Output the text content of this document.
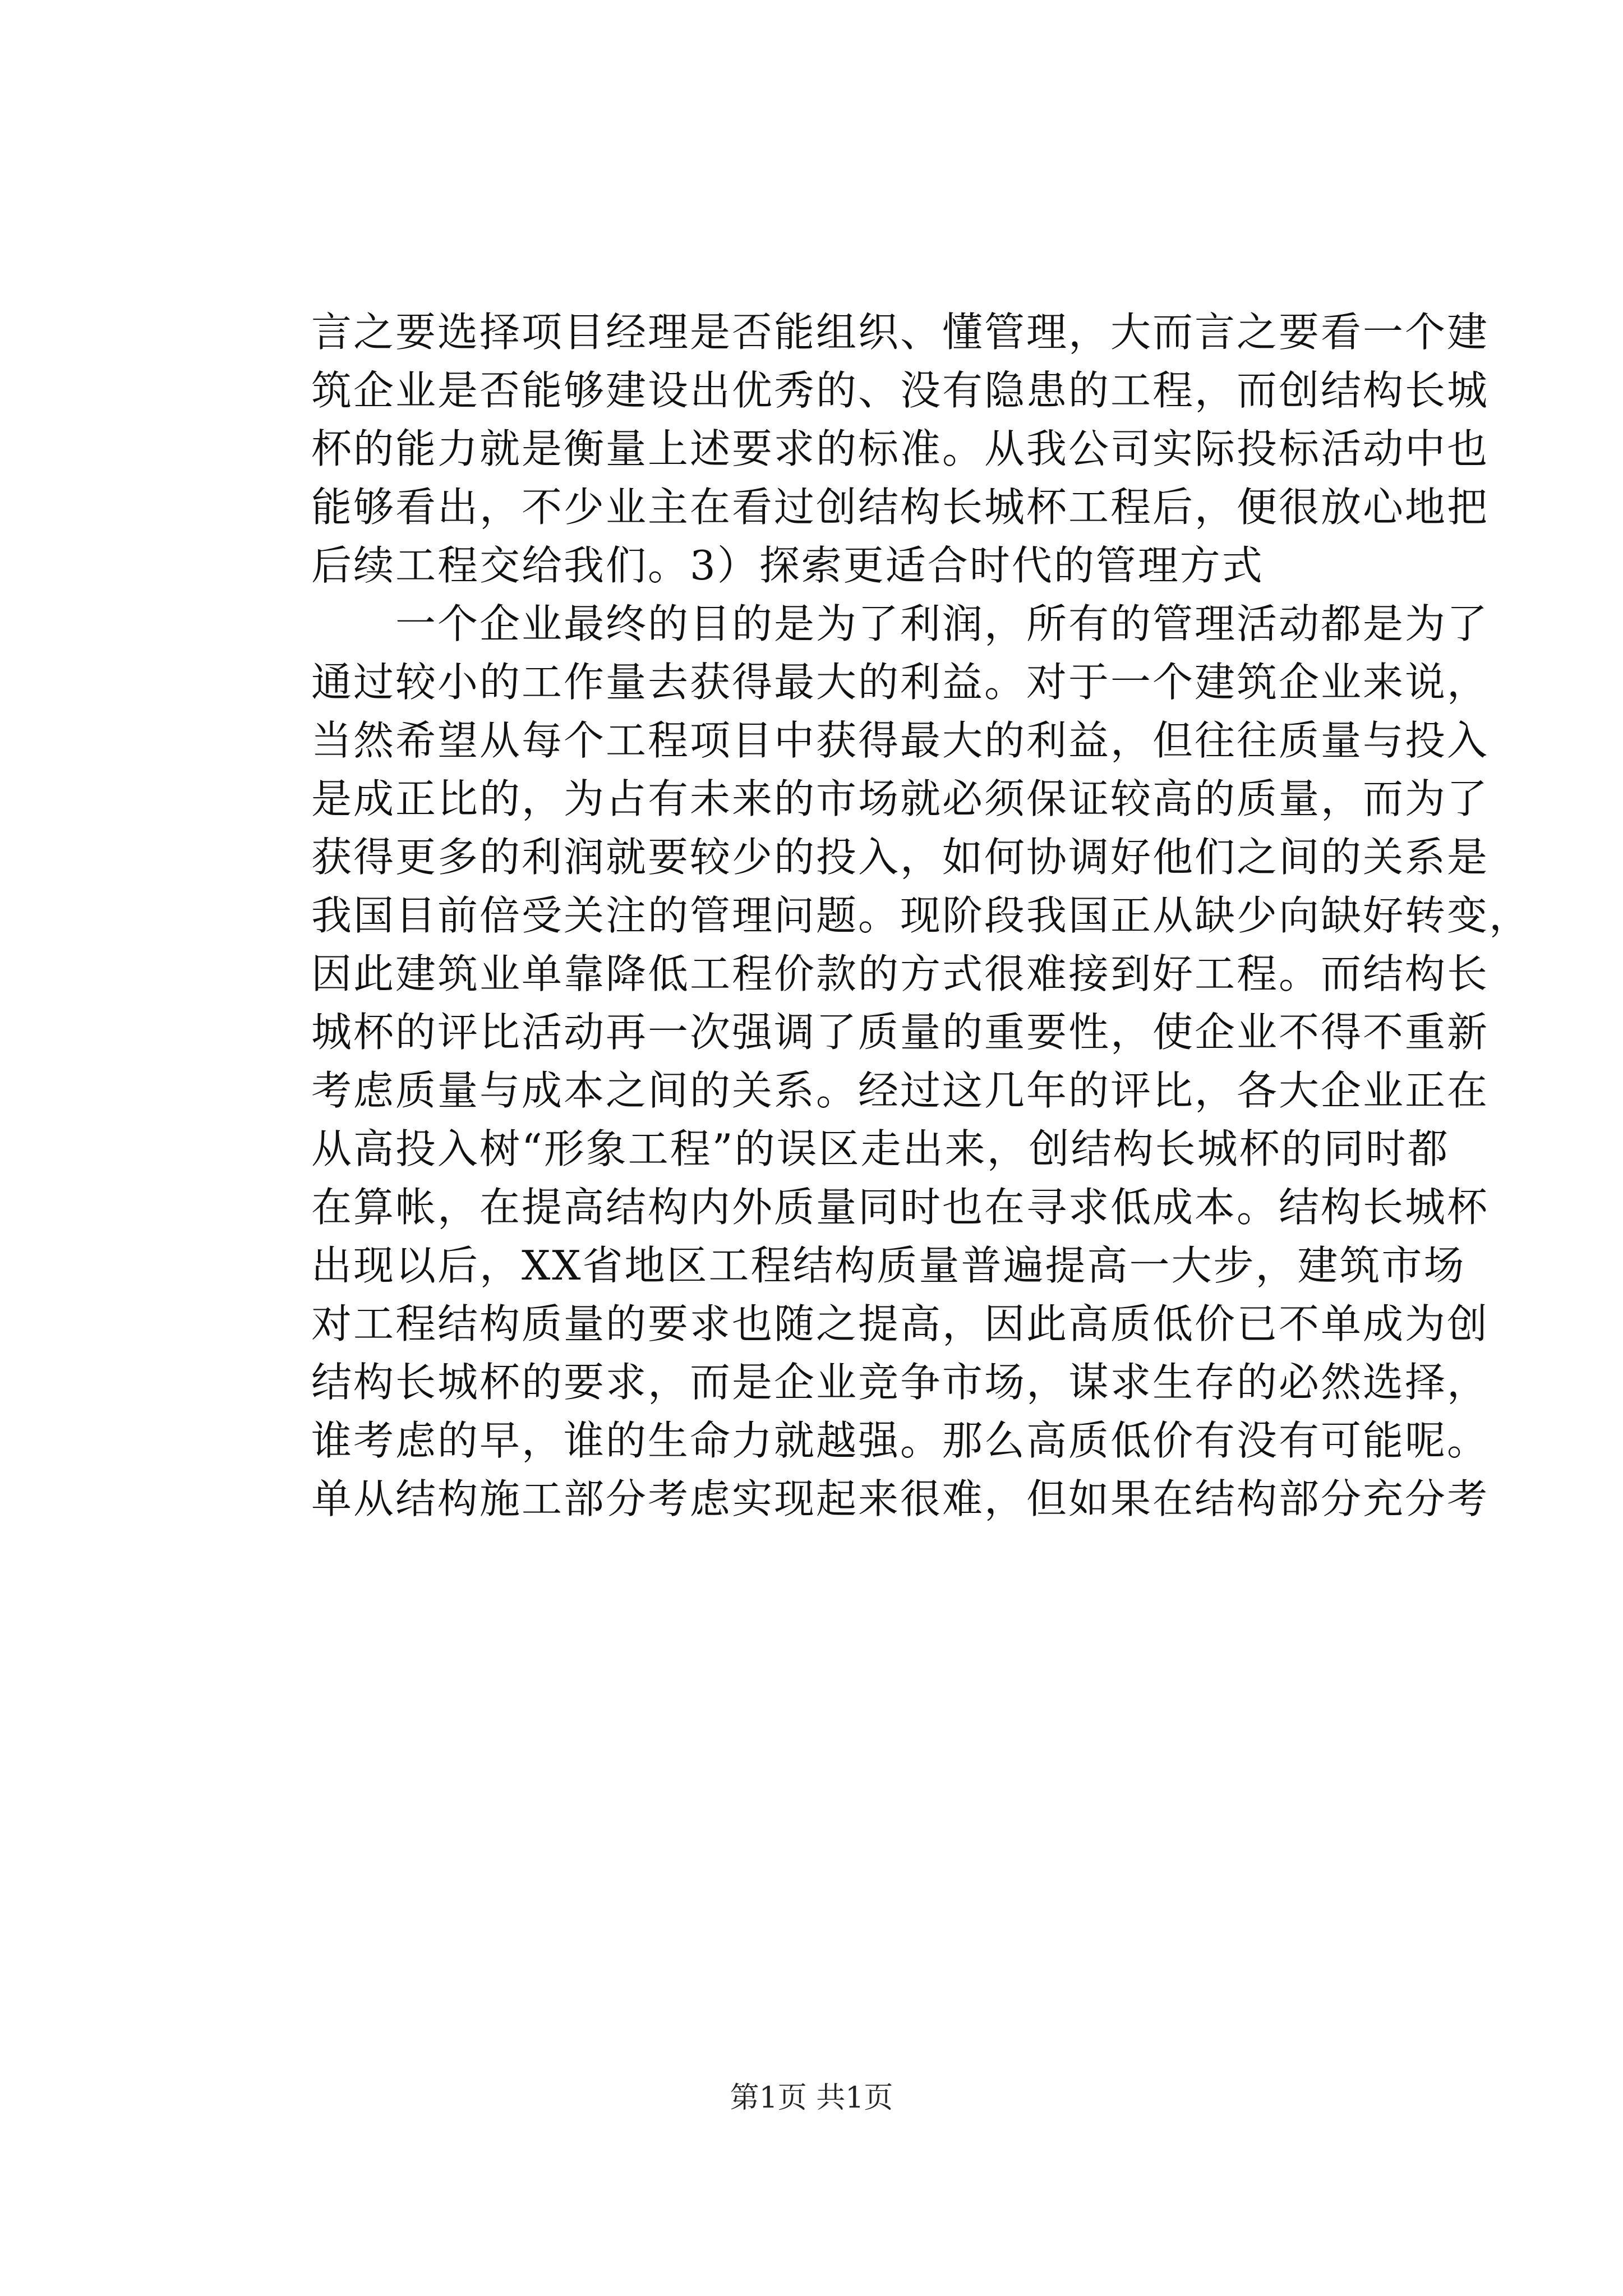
言之要选择项目经理是否能组织、懂管理，大而言之要看一个建
筑企业是否能够建设出优秀的、没有隐患的工程，而创结构长城
杯的能力就是衡量上述要求的标准。从我公司实际投标活动中也
能够看出，不少业主在看过创结构长城杯工程后，便很放心地把
后续工程交给我们。3）探索更适合时代的管理方式
一个企业最终的目的是为了利润，所有的管理活动都是为了
通过较小的工作量去获得最大的利益。对于一个建筑企业来说，
当然希望从每个工程项目中获得最大的利益，但往往质量与投入
是成正比的，为占有未来的市场就必须保证较高的质量，而为了
获得更多的利润就要较少的投入，如何协调好他们之间的关系是
我国目前倍受关注的管理问题。现阶段我国正从缺少向缺好转变，
因此建筑业单靠降低工程价款的方式很难接到好工程。而结构长
城杯的评比活动再一次强调了质量的重要性，使企业不得不重新
考虑质量与成本之间的关系。经过这几年的评比，各大企业正在
从高投入树“形象工程”的误区走出来，创结构长城杯的同时都
在算帐，在提高结构内外质量同时也在寻求低成本。结构长城杯
出现以后，XX省地区工程结构质量普遍提高一大步，建筑市场
对工程结构质量的要求也随之提高，因此高质低价已不单成为创
结构长城杯的要求，而是企业竞争市场，谋求生存的必然选择，
谁考虑的早，谁的生命力就越强。那么高质低价有没有可能呢。
单从结构施工部分考虑实现起来很难，但如果在结构部分充分考
第1页 共1页
